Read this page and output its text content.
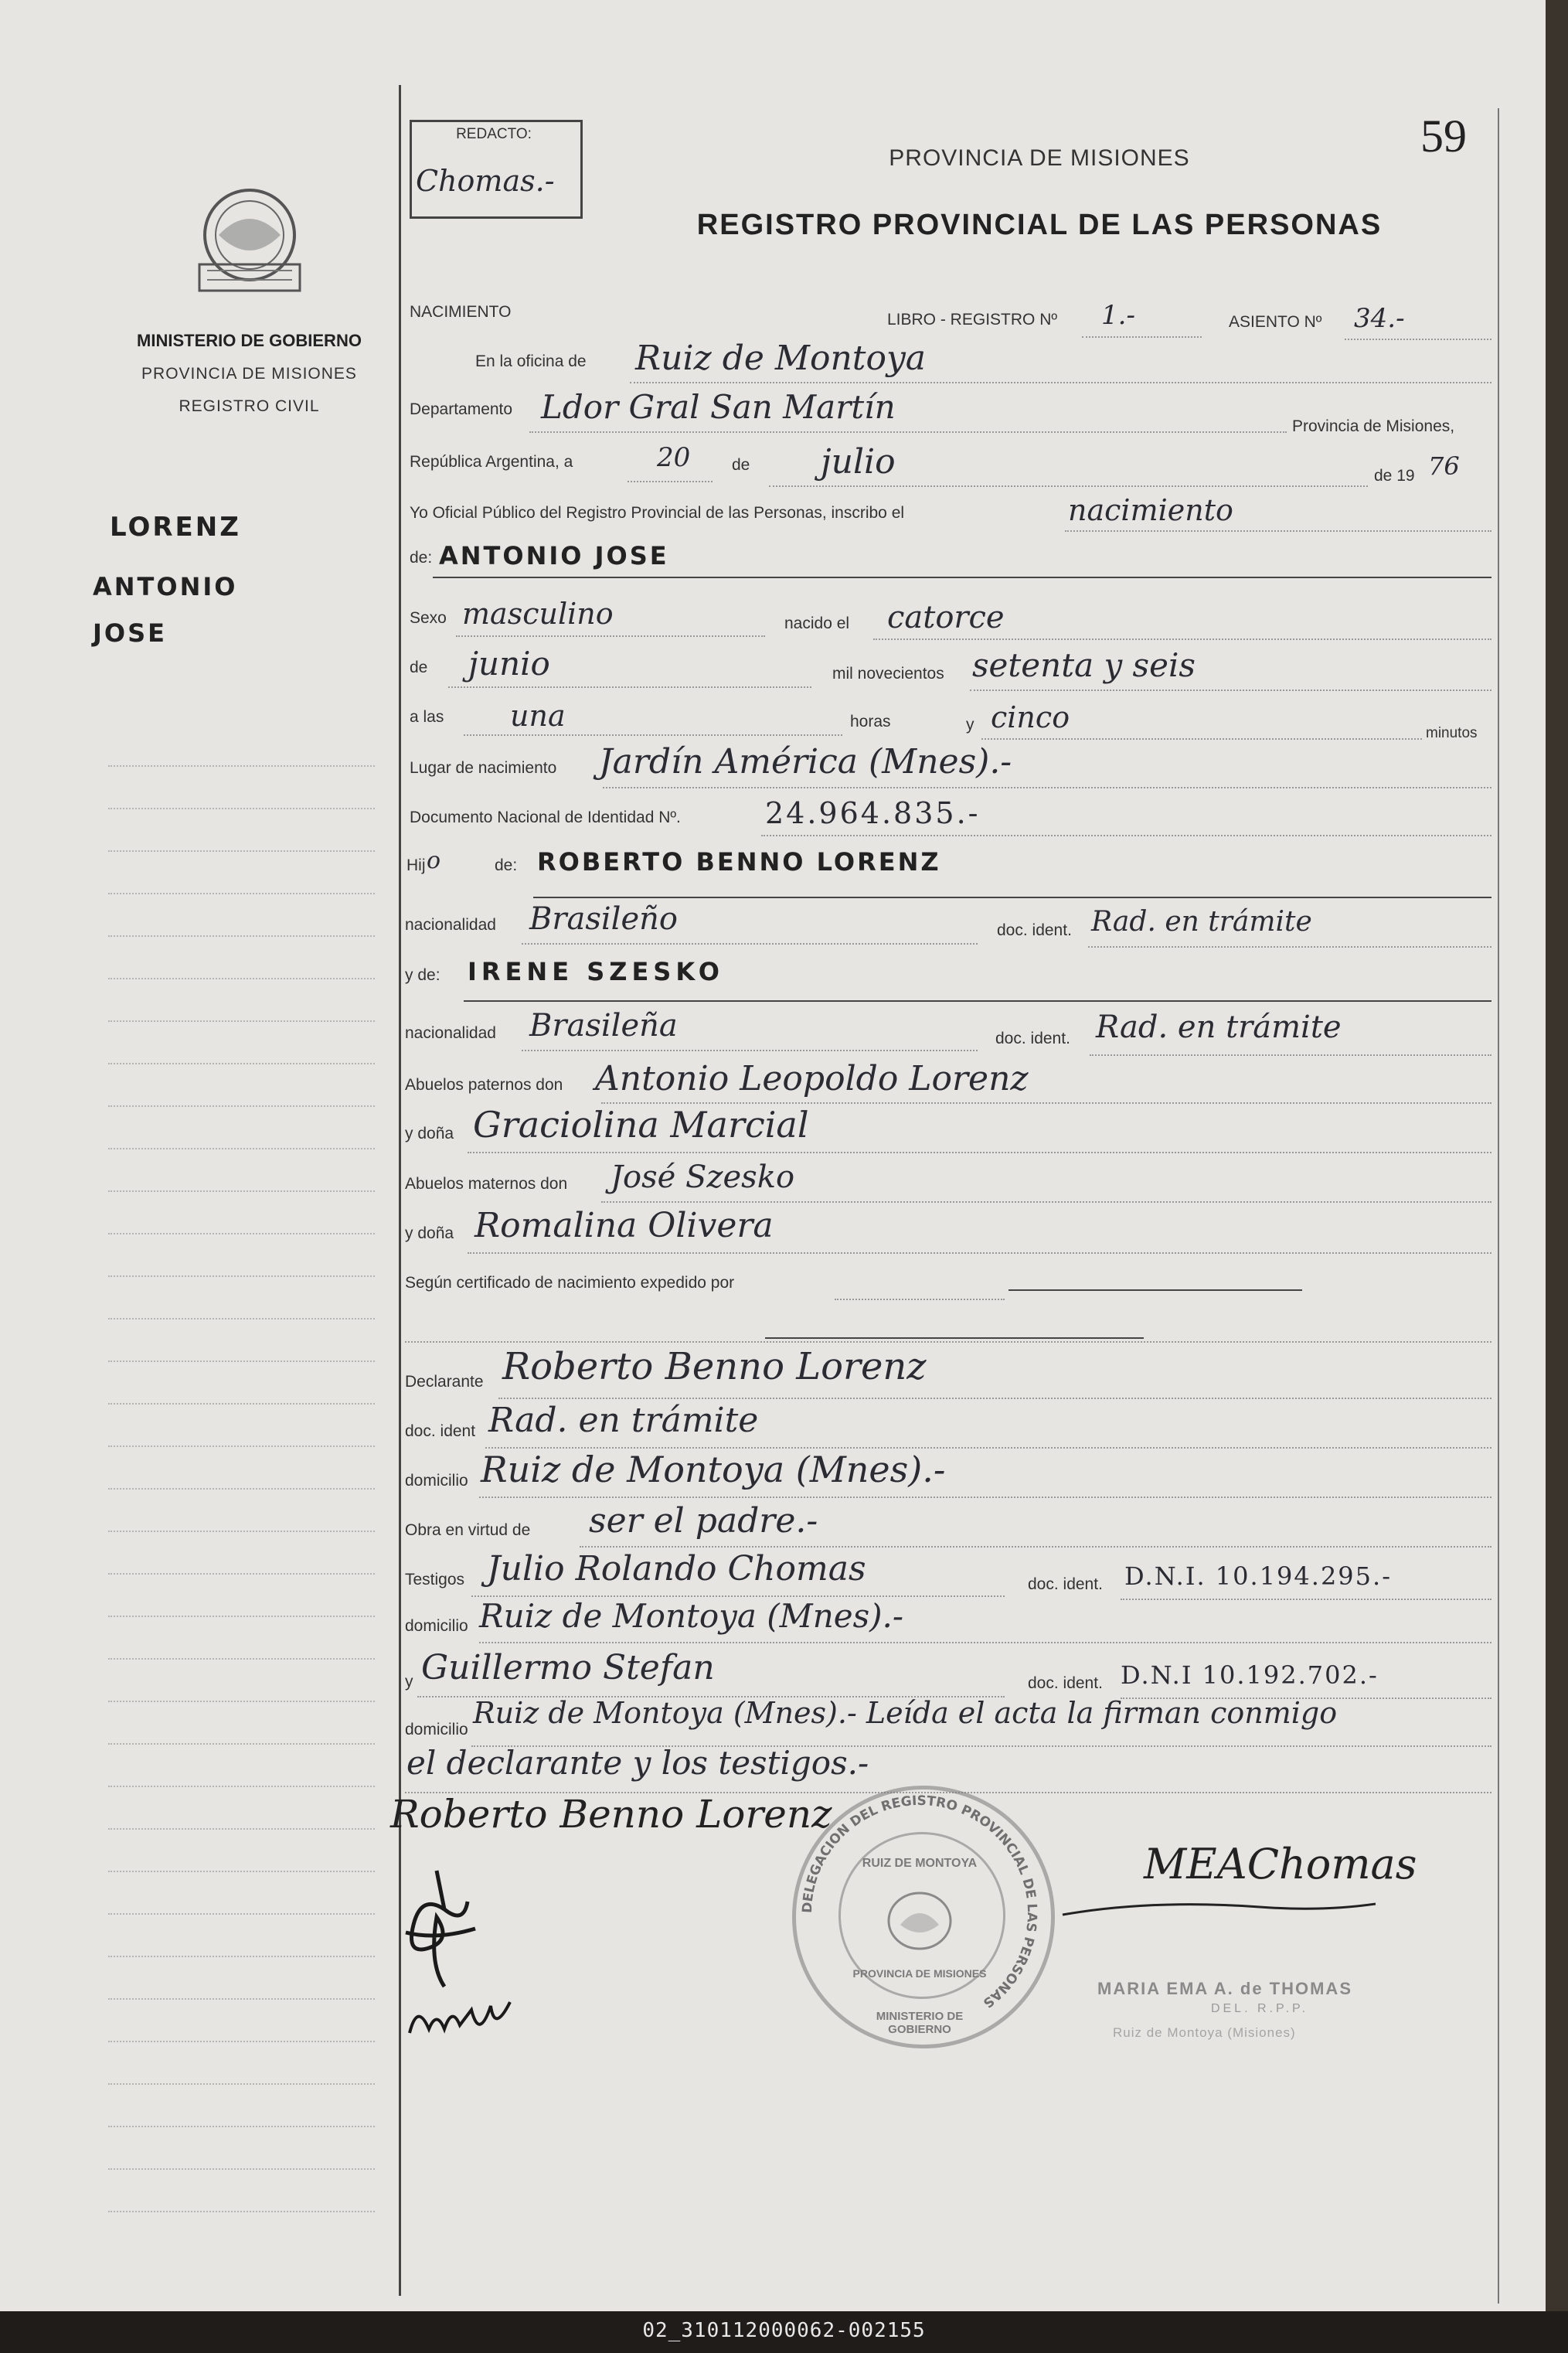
MINISTERIO DE GOBIERNO
PROVINCIA DE MISIONES
REGISTRO CIVIL
LORENZ
ANTONIO
JOSE
REDACTO:
Chomas.-
59
PROVINCIA DE MISIONES
REGISTRO PROVINCIAL DE LAS PERSONAS
NACIMIENTO	LIBRO - REGISTRO Nº 1.-	ASIENTO Nº 34.-
En la oficina de Ruiz de Montoya
Departamento Ldor Gral San Martín
Provincia de Misiones,
República Argentina, a	20	de julio	de 19 76
Yo Oficial Público del Registro Provincial de las Personas, inscribo el	nacimiento
de: ANTONIO JOSE
Sexo masculino	nacido el catorce
de junio	mil novecientos setenta y seis
a las una	horas	y cinco	minutos
Lugar de nacimiento Jardín América (Mnes).-
Documento Nacional de Identidad Nº.	24.964.835.-
Hij o	de: ROBERTO BENNO LORENZ
nacionalidad Brasileño	doc. ident. Rad. en trámite
y de: IRENE SZESKO
nacionalidad Brasileña	doc. ident. Rad. en trámite
Abuelos paternos don Antonio Leopoldo Lorenz
y doña Graciolina Marcial
Abuelos maternos don José Szesko
y doña Romalina Olivera
Según certificado de nacimiento expedido por
Declarante Roberto Benno Lorenz
doc. ident Rad. en trámite
domicilio Ruiz de Montoya (Mnes).-
Obra en virtud de ser el padre.-
Testigos Julio Rolando Chomas	doc. ident. D.N.I. 10.194.295.-
domicilio Ruiz de Montoya (Mnes).-
y Guillermo Stefan	doc. ident. D.N.I 10.192.702.-
domicilio Ruiz de Montoya (Mnes).- Leída el acta la firman conmigo
el declarante y los testigos.-
Roberto Benno Lorenz
DELEGACION DEL REGISTRO PROVINCIAL DE LAS PERSONAS
RUIZ DE MONTOYA
PROVINCIA DE MISIONES
MINISTERIO DE GOBIERNO
MEAChomas
MARIA EMA A. de THOMAS
DEL. R.P.P.
Ruiz de Montoya (Misiones)
02_310112000062-002155
